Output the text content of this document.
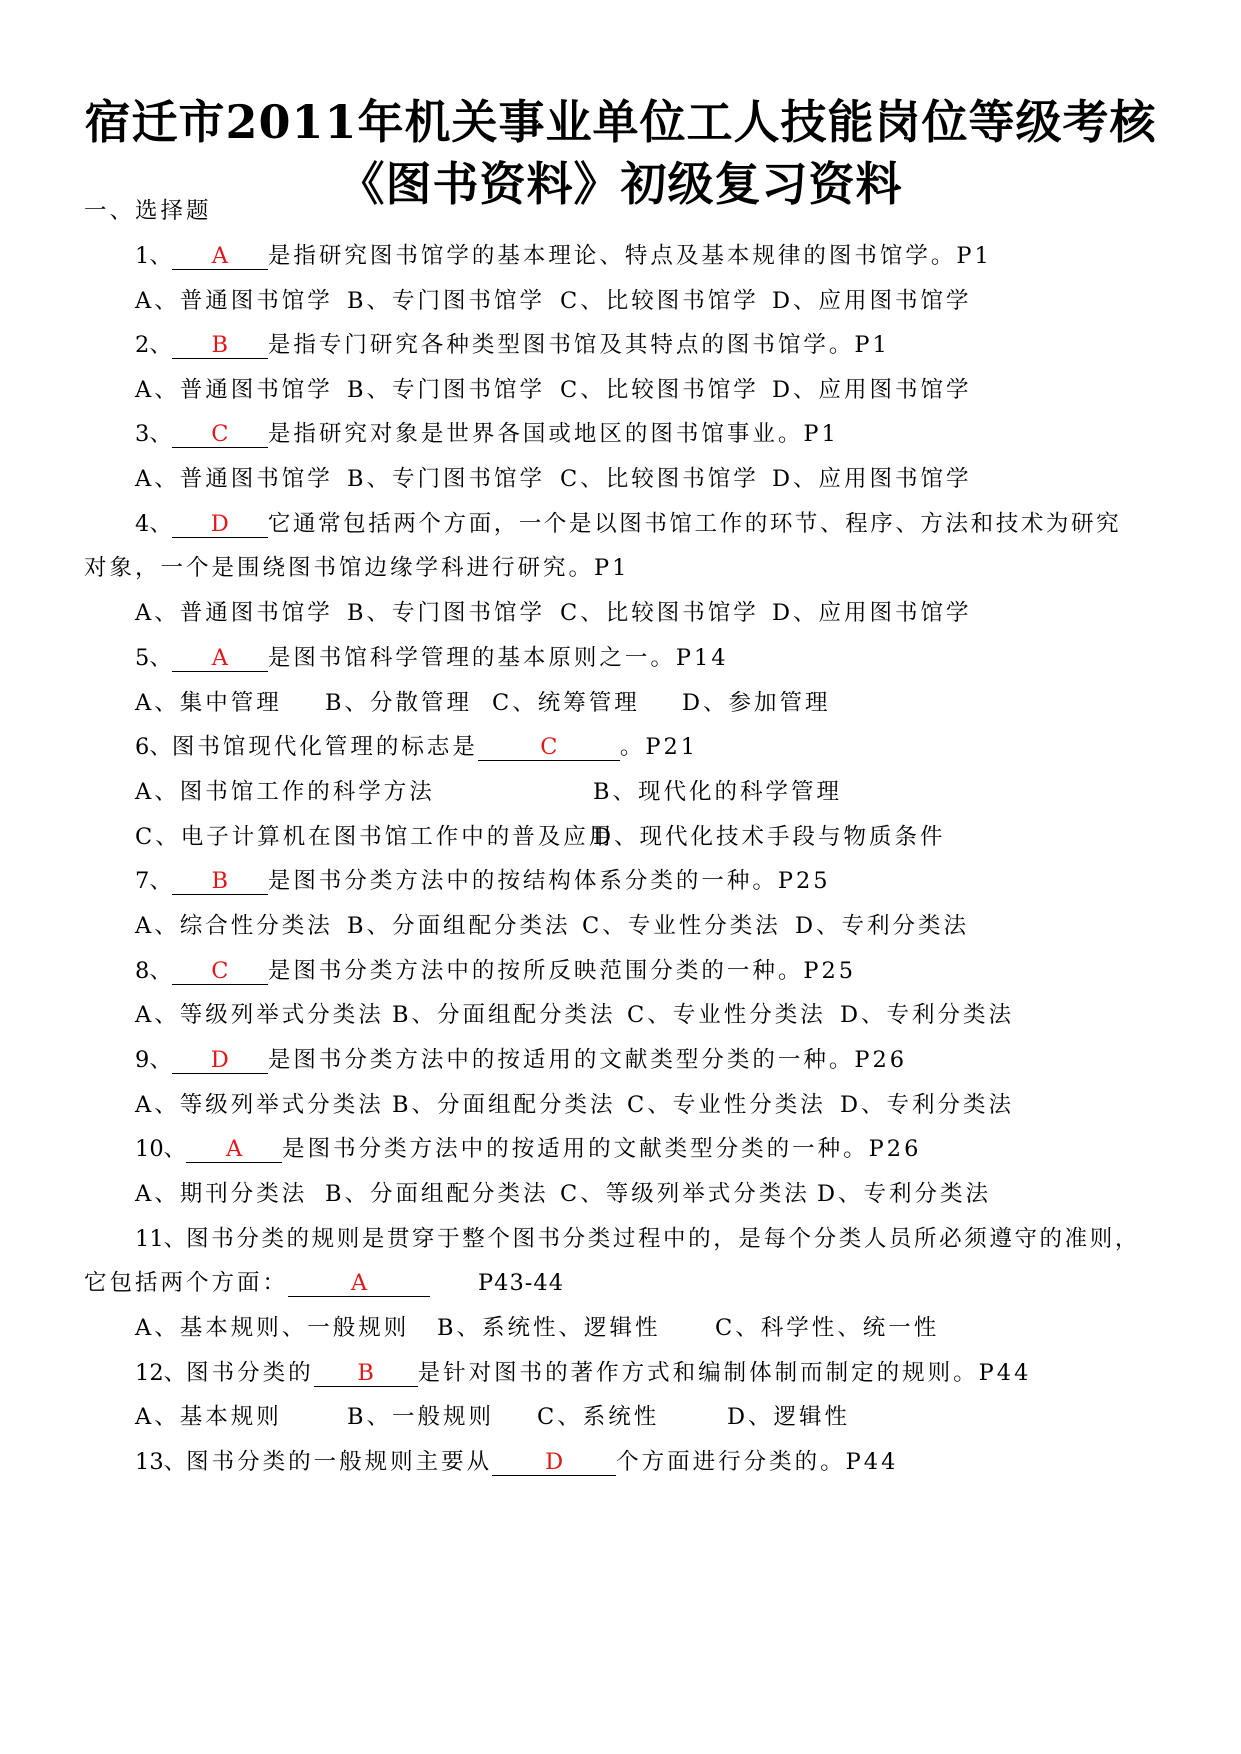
宿迁市2011年机关事业单位工人技能岗位等级考核
《图书资料》初级复习资料
一、选择题
1、 A 是指研究图书馆学的基本理论、特点及基本规律的图书馆学。P1
A、普通图书馆学 B、专门图书馆学 C、比较图书馆学 D、应用图书馆学
2、 B 是指专门研究各种类型图书馆及其特点的图书馆学。P1
A、普通图书馆学 B、专门图书馆学 C、比较图书馆学 D、应用图书馆学
3、 C 是指研究对象是世界各国或地区的图书馆事业。P1
A、普通图书馆学 B、专门图书馆学 C、比较图书馆学 D、应用图书馆学
4、 D 它通常包括两个方面，一个是以图书馆工作的环节、程序、方法和技术为研究
对象，一个是围绕图书馆边缘学科进行研究。P1
A、普通图书馆学 B、专门图书馆学 C、比较图书馆学 D、应用图书馆学
5、 A 是图书馆科学管理的基本原则之一。P14
A、集中管理 B、分散管理 C、统筹管理 D、参加管理
6、图书馆现代化管理的标志是	C	。P21
A、图书馆工作的科学方法	B、现代化的科学管理
C、电子计算机在图书馆工作中的普及应用
D、现代化技术手段与物质条件
7、 B 是图书分类方法中的按结构体系分类的一种。P25
A、综合性分类法 B、分面组配分类法 C、专业性分类法 D、专利分类法
8、 C 是图书分类方法中的按所反映范围分类的一种。P25
A、等级列举式分类法 B、分面组配分类法 C、专业性分类法 D、专利分类法
9、 D 是图书分类方法中的按适用的文献类型分类的一种。P26
A、等级列举式分类法 B、分面组配分类法 C、专业性分类法 D、专利分类法
10、 A 是图书分类方法中的按适用的文献类型分类的一种。P26
A、期刊分类法 B、分面组配分类法 C、等级列举式分类法 D、专利分类法
11、图书分类的规则是贯穿于整个图书分类过程中的，是每个分类人员所必须遵守的准则，
它包括两个方面：	A	P43-44
A、基本规则、一般规则 B、系统性、逻辑性 C、科学性、统一性
12、图书分类的 B 是针对图书的著作方式和编制体制而制定的规则。P44
A、基本规则	B、一般规则 C、系统性	D、逻辑性
13、图书分类的一般规则主要从 D 个方面进行分类的。P44
